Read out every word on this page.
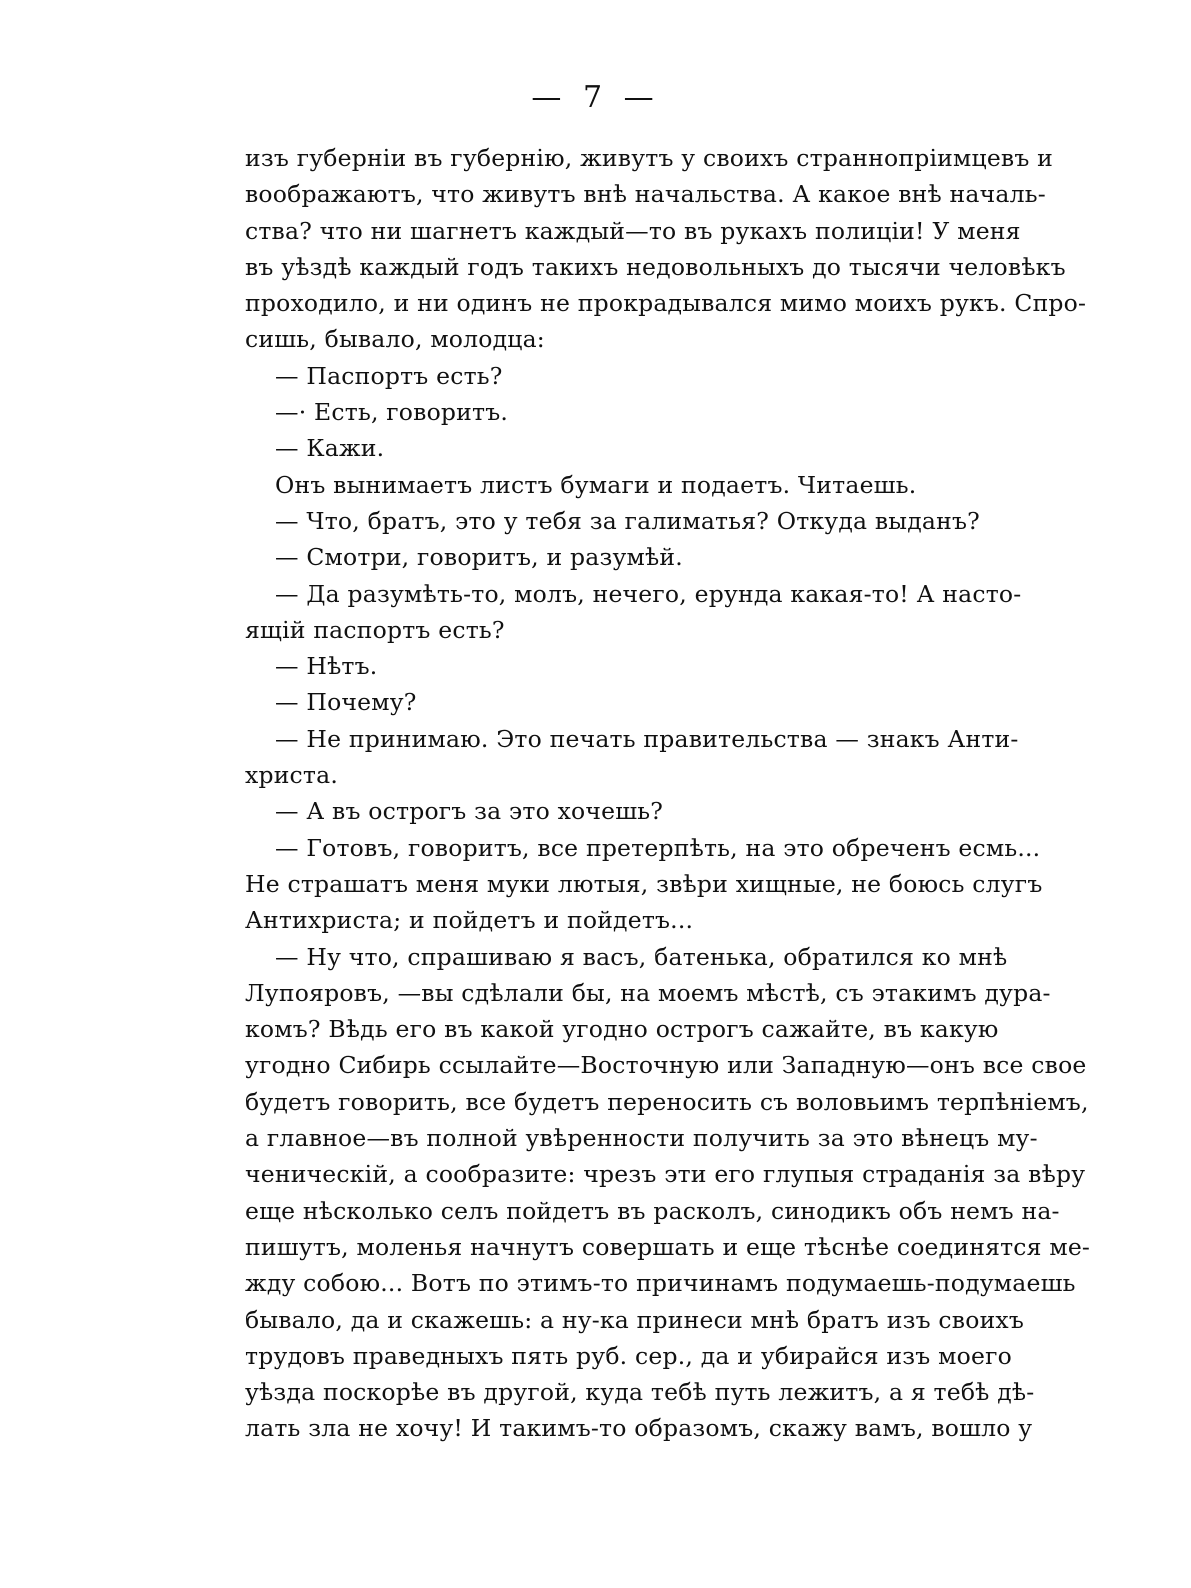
— 7 —
изъ губерніи въ губернію, живутъ у своихъ страннопріимцевъ и
воображаютъ, что живутъ внѣ начальства. А какое внѣ началь-
ства? что ни шагнетъ каждый—то въ рукахъ полиціи! У меня
въ уѣздѣ каждый годъ такихъ недовольныхъ до тысячи человѣкъ
проходило, и ни одинъ не прокрадывался мимо моихъ рукъ. Спро-
сишь, бывало, молодца:
— Паспортъ есть?
—· Есть, говоритъ.
— Кажи.
Онъ вынимаетъ листъ бумаги и подаетъ. Читаешь.
— Что, братъ, это у тебя за галиматья? Откуда выданъ?
— Смотри, говоритъ, и разумѣй.
— Да разумѣть-то, молъ, нечего, ерунда какая-то! А насто-
ящій паспортъ есть?
— Нѣтъ.
— Почему?
— Не принимаю. Это печать правительства — знакъ Анти-
христа.
— А въ острогъ за это хочешь?
— Готовъ, говоритъ, все претерпѣть, на это обреченъ есмь...
Не страшатъ меня муки лютыя, звѣри хищные, не боюсь слугъ
Антихриста; и пойдетъ и пойдетъ...
— Ну что, спрашиваю я васъ, батенька, обратился ко мнѣ
Лупояровъ, —вы сдѣлали бы, на моемъ мѣстѣ, съ этакимъ дура-
комъ? Вѣдь его въ какой угодно острогъ сажайте, въ какую
угодно Сибирь ссылайте—Восточную или Западную—онъ все свое
будетъ говорить, все будетъ переносить съ воловьимъ терпѣніемъ,
а главное—въ полной увѣренности получить за это вѣнецъ му-
ченическій, а сообразите: чрезъ эти его глупыя страданія за вѣру
еще нѣсколько селъ пойдетъ въ расколъ, синодикъ объ немъ на-
пишутъ, моленья начнутъ совершать и еще тѣснѣе соединятся ме-
жду собою... Вотъ по этимъ-то причинамъ подумаешь-подумаешь
бывало, да и скажешь: а ну-ка принеси мнѣ братъ изъ своихъ
трудовъ праведныхъ пять руб. сер., да и убирайся изъ моего
уѣзда поскорѣе въ другой, куда тебѣ путь лежитъ, а я тебѣ дѣ-
лать зла не хочу! И такимъ-то образомъ, скажу вамъ, вошло у
